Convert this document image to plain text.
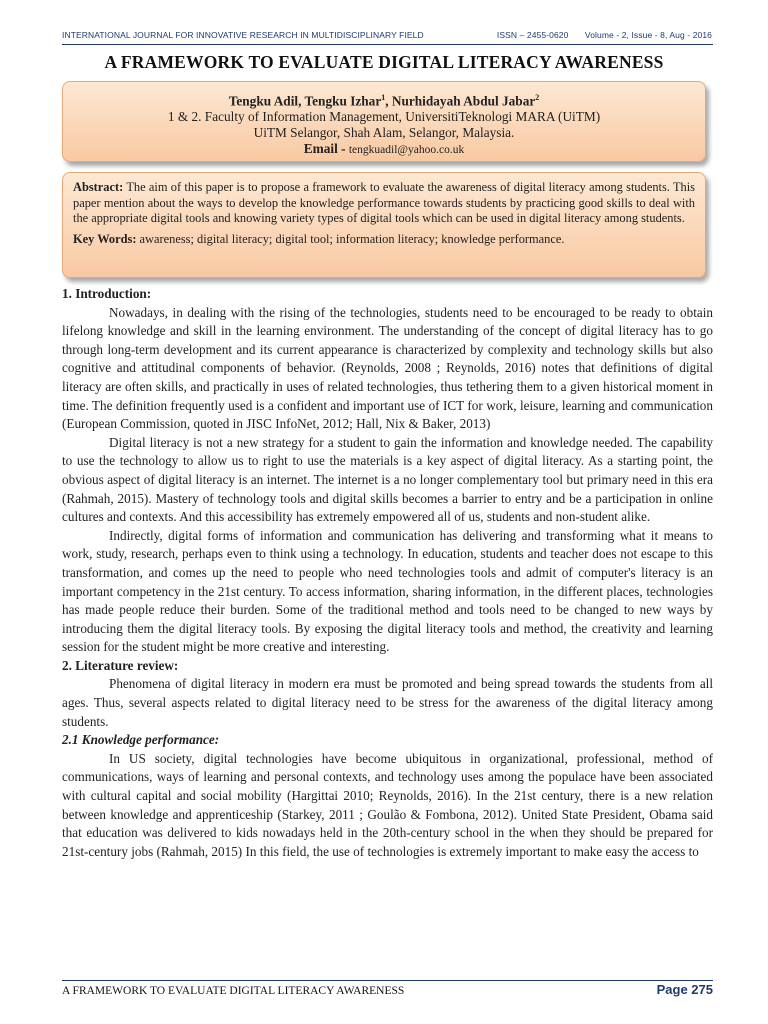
INTERNATIONAL JOURNAL FOR INNOVATIVE RESEARCH IN MULTIDISCIPLINARY FIELD	ISSN – 2455-0620 Volume - 2, Issue - 8, Aug - 2016
A FRAMEWORK TO EVALUATE DIGITAL LITERACY AWARENESS
Tengku Adil, Tengku Izhar$^1$, Nurhidayah Abdul Jabar$^2$
1 & 2. Faculty of Information Management, UniversitiTeknologi MARA (UiTM)
UiTM Selangor, Shah Alam, Selangor, Malaysia.
Email - tengkuadil@yahoo.co.uk

Abstract: The aim of this paper is to propose a framework to evaluate the awareness of digital literacy among students. This paper mention about the ways to develop the knowledge performance towards students by practicing good skills to deal with the appropriate digital tools and knowing variety types of digital tools which can be used in digital literacy among students.

Key Words: awareness; digital literacy; digital tool; information literacy; knowledge performance.

1. Introduction:

Nowadays, in dealing with the rising of the technologies, students need to be encouraged to be ready to obtain lifelong knowledge and skill in the learning environment. The understanding of the concept of digital literacy has to go through long-term development and its current appearance is characterized by complexity and technology skills but also cognitive and attitudinal components of behavior. (Reynolds, 2008 ; Reynolds, 2016) notes that definitions of digital literacy are often skills, and practically in uses of related technologies, thus tethering them to a given historical moment in time. The definition frequently used is a confident and important use of ICT for work, leisure, learning and communication (European Commission, quoted in JISC InfoNet, 2012; Hall, Nix & Baker, 2013)

Digital literacy is not a new strategy for a student to gain the information and knowledge needed. The capability to use the technology to allow us to right to use the materials is a key aspect of digital literacy. As a starting point, the obvious aspect of digital literacy is an internet. The internet is a no longer complementary tool but primary need in this era (Rahmah, 2015). Mastery of technology tools and digital skills becomes a barrier to entry and be a participation in online cultures and contexts. And this accessibility has extremely empowered all of us, students and non-student alike.

Indirectly, digital forms of information and communication has delivering and transforming what it means to work, study, research, perhaps even to think using a technology. In education, students and teacher does not escape to this transformation, and comes up the need to people who need technologies tools and admit of computer's literacy is an important competency in the 21st century. To access information, sharing information, in the different places, technologies has made people reduce their burden. Some of the traditional method and tools need to be changed to new ways by introducing them the digital literacy tools. By exposing the digital literacy tools and method, the creativity and learning session for the student might be more creative and interesting.

2. Literature review:

Phenomena of digital literacy in modern era must be promoted and being spread towards the students from all ages. Thus, several aspects related to digital literacy need to be stress for the awareness of the digital literacy among students.

2.1 Knowledge performance:

In US society, digital technologies have become ubiquitous in organizational, professional, method of communications, ways of learning and personal contexts, and technology uses among the populace have been associated with cultural capital and social mobility (Hargittai 2010; Reynolds, 2016). In the 21st century, there is a new relation between knowledge and apprenticeship (Starkey, 2011 ; Goulão & Fombona, 2012). United State President, Obama said that education was delivered to kids nowadays held in the 20th-century school in the when they should be prepared for 21st-century jobs (Rahmah, 2015) In this field, the use of technologies is extremely important to make easy the access to

A FRAMEWORK TO EVALUATE DIGITAL LITERACY AWARENESS	Page 275
